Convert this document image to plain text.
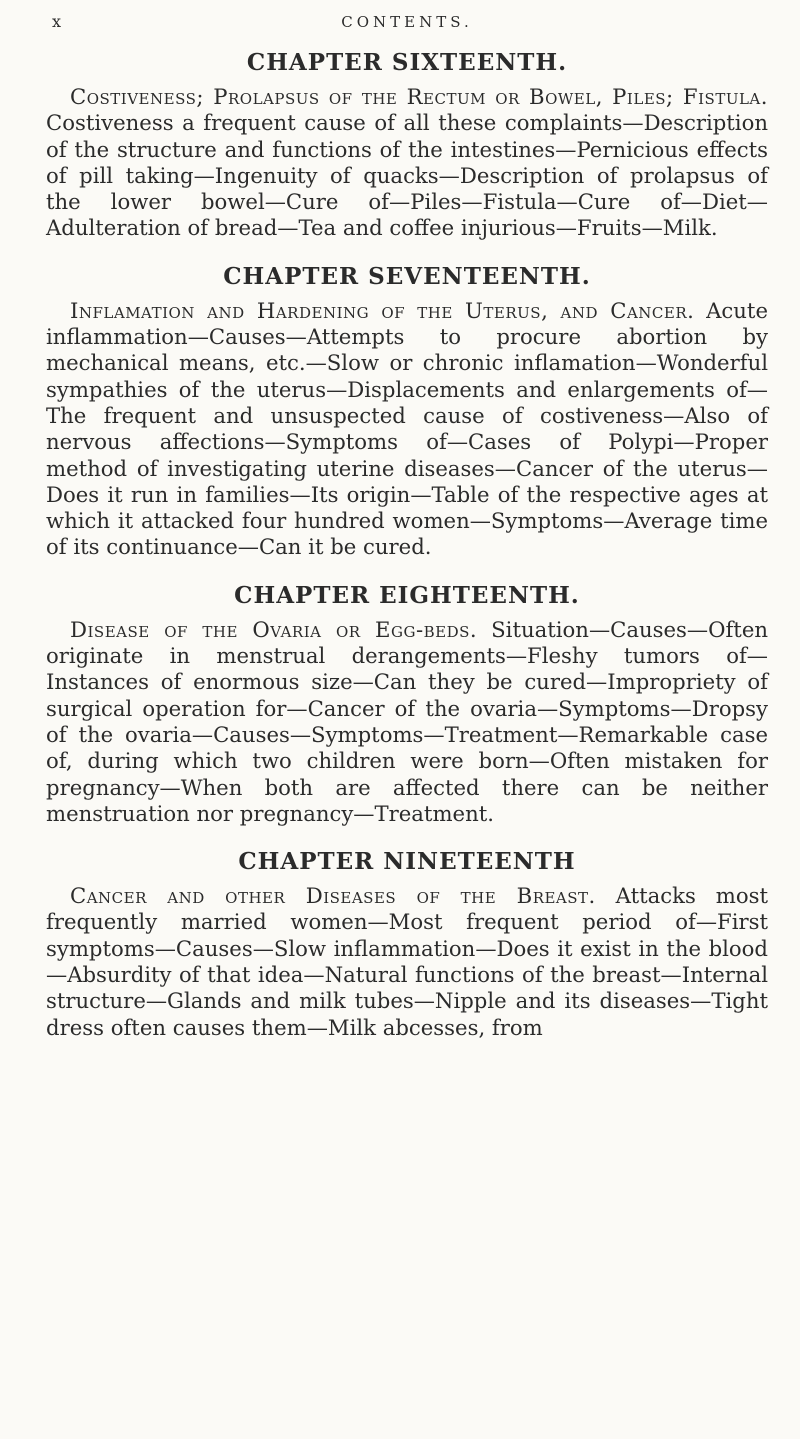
x	CONTENTS.
CHAPTER SIXTEENTH.

Costiveness; Prolapsus of the Rectum or Bowel, Piles; Fistula. Costiveness a frequent cause of all these complaints—Description of the structure and functions of the intestines—Pernicious effects of pill taking—Ingenuity of quacks—Description of prolapsus of the lower bowel—Cure of—Piles—Fistula—Cure of—Diet—Adulteration of bread—Tea and coffee injurious—Fruits—Milk.

CHAPTER SEVENTEENTH.

Inflamation and Hardening of the Uterus, and Cancer. Acute inflammation—Causes—Attempts to procure abortion by mechanical means, etc.—Slow or chronic inflamation—Wonderful sympathies of the uterus—Displacements and enlargements of—The frequent and unsuspected cause of costiveness—Also of nervous affections—Symptoms of—Cases of Polypi—Proper method of investigating uterine diseases—Cancer of the uterus—Does it run in families—Its origin—Table of the respective ages at which it attacked four hundred women—Symptoms—Average time of its continuance—Can it be cured.

CHAPTER EIGHTEENTH.

Disease of the Ovaria or Egg-beds. Situation—Causes—Often originate in menstrual derangements—Fleshy tumors of—Instances of enormous size—Can they be cured—Impropriety of surgical operation for—Cancer of the ovaria—Symptoms—Dropsy of the ovaria—Causes—Symptoms—Treatment—Remarkable case of, during which two children were born—Often mistaken for pregnancy—When both are affected there can be neither menstruation nor pregnancy—Treatment.

CHAPTER NINETEENTH

Cancer and other Diseases of the Breast. Attacks most frequently married women—Most frequent period of—First symptoms—Causes—Slow inflammation—Does it exist in the blood—Absurdity of that idea—Natural functions of the breast—Internal structure—Glands and milk tubes—Nipple and its diseases—Tight dress often causes them—Milk abcesses, from
